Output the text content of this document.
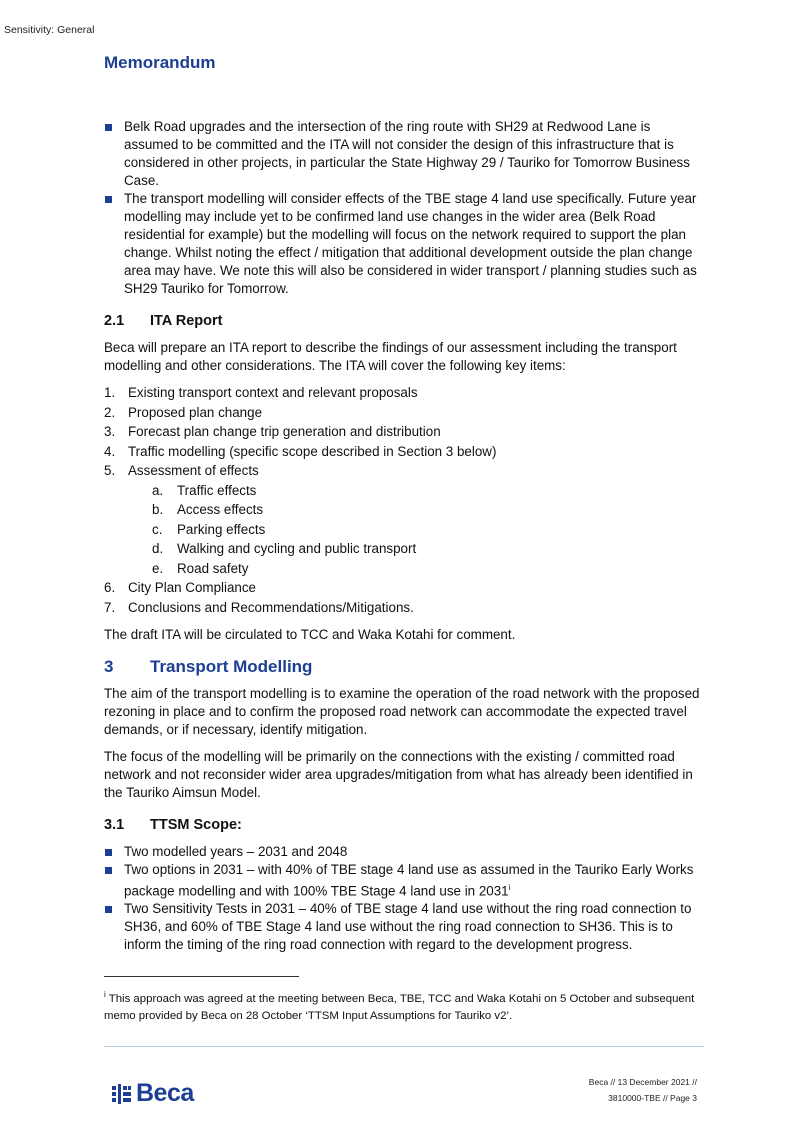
Sensitivity: General
Memorandum
Belk Road upgrades and the intersection of the ring route with SH29 at Redwood Lane is assumed to be committed and the ITA will not consider the design of this infrastructure that is considered in other projects, in particular the State Highway 29 / Tauriko for Tomorrow Business Case.
The transport modelling will consider effects of the TBE stage 4 land use specifically. Future year modelling may include yet to be confirmed land use changes in the wider area (Belk Road residential for example) but the modelling will focus on the network required to support the plan change. Whilst noting the effect / mitigation that additional development outside the plan change area may have. We note this will also be considered in wider transport / planning studies such as SH29 Tauriko for Tomorrow.
2.1 ITA Report

Beca will prepare an ITA report to describe the findings of our assessment including the transport modelling and other considerations. The ITA will cover the following key items:

1. Existing transport context and relevant proposals
2. Proposed plan change
3. Forecast plan change trip generation and distribution
4. Traffic modelling (specific scope described in Section 3 below)
5. Assessment of effects
a. Traffic effects
b. Access effects
c. Parking effects
d. Walking and cycling and public transport
e. Road safety
6. City Plan Compliance
7. Conclusions and Recommendations/Mitigations.

The draft ITA will be circulated to TCC and Waka Kotahi for comment.

3 Transport Modelling

The aim of the transport modelling is to examine the operation of the road network with the proposed rezoning in place and to confirm the proposed road network can accommodate the expected travel demands, or if necessary, identify mitigation.

The focus of the modelling will be primarily on the connections with the existing / committed road network and not reconsider wider area upgrades/mitigation from what has already been identified in the Tauriko Aimsun Model.

3.1 TTSM Scope:
Two modelled years – 2031 and 2048
Two options in 2031 – with 40% of TBE stage 4 land use as assumed in the Tauriko Early Works package modelling and with 100% TBE Stage 4 land use in 2031$^i$
Two Sensitivity Tests in 2031 – 40% of TBE stage 4 land use without the ring road connection to SH36, and 60% of TBE Stage 4 land use without the ring road connection to SH36. This is to inform the timing of the ring road connection with regard to the development progress.
$^i$ This approach was agreed at the meeting between Beca, TBE, TCC and Waka Kotahi on 5 October and subsequent memo provided by Beca on 28 October ‘TTSM Input Assumptions for Tauriko v2’.
Beca	Beca // 13 December 2021 //
3810000-TBE // Page 3
